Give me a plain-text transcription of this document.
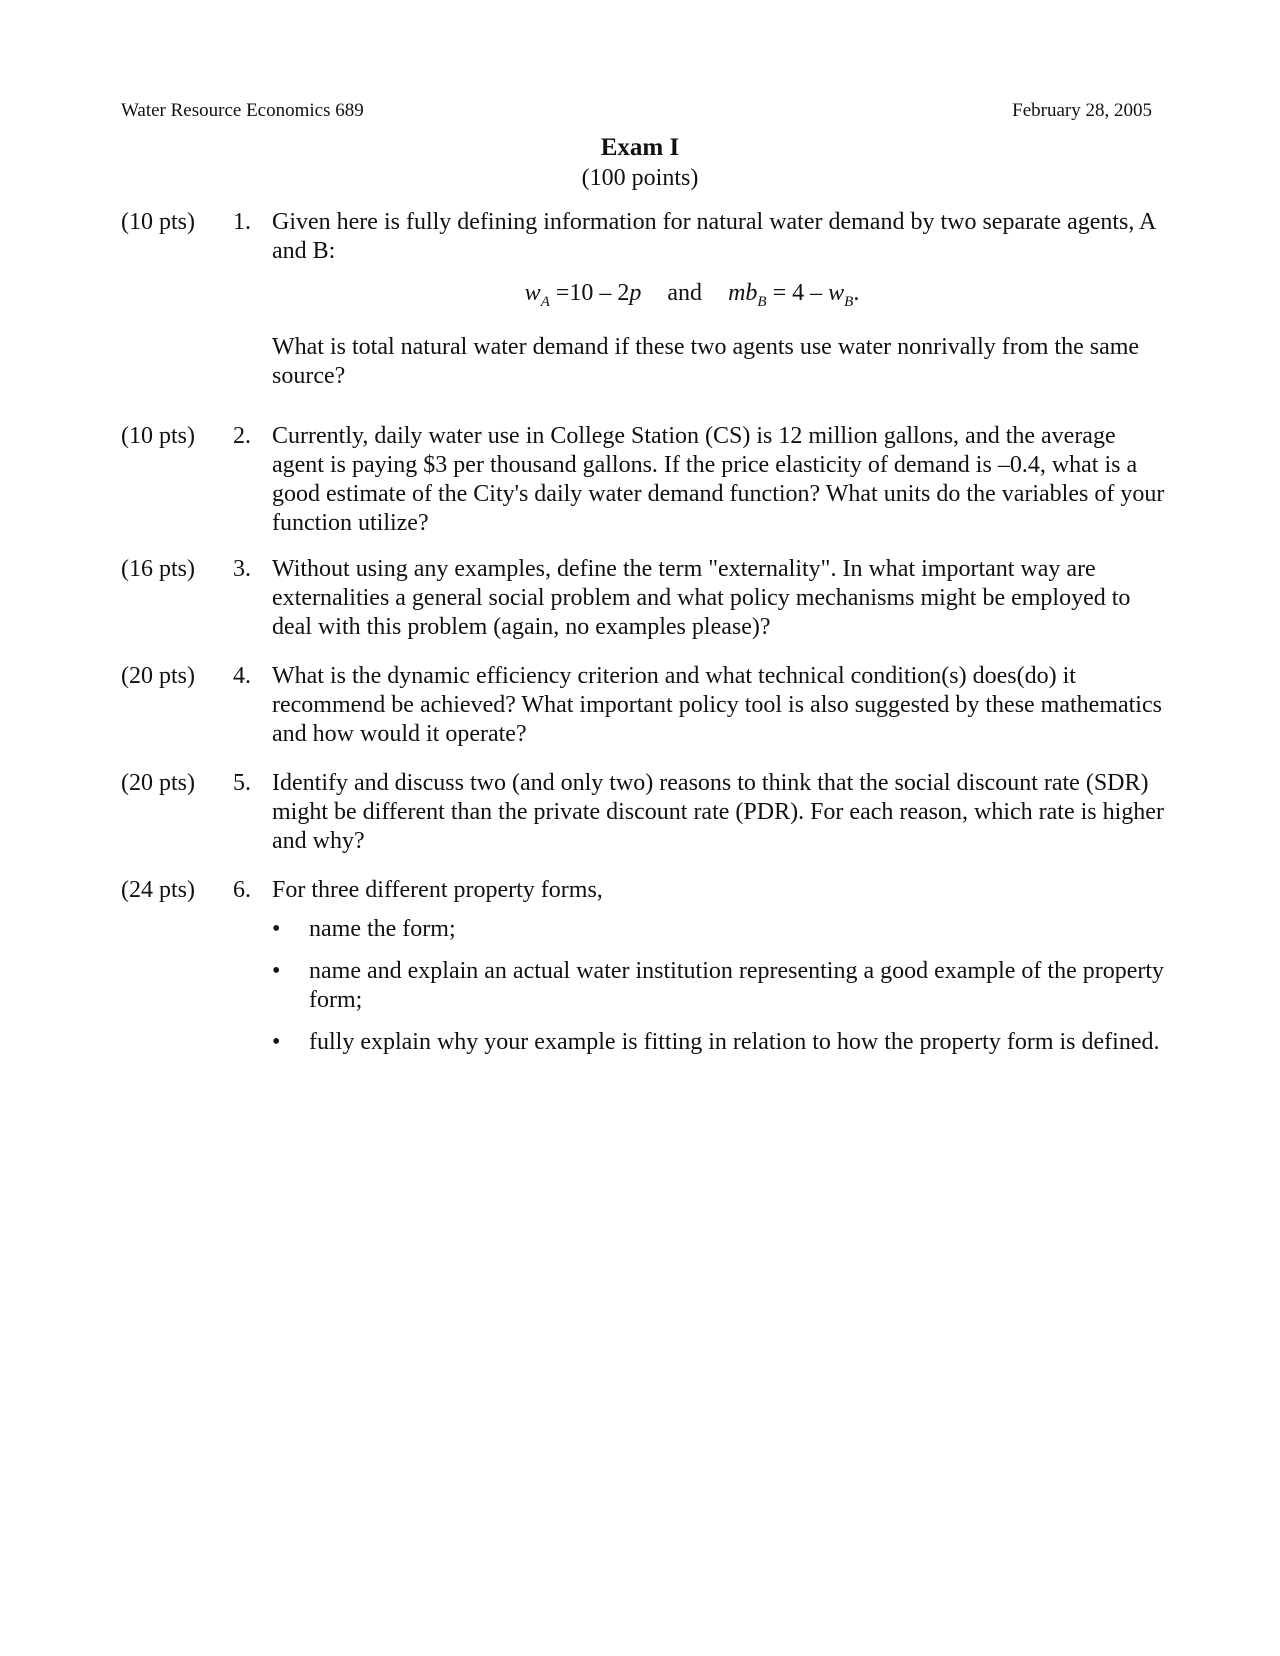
Water Resource Economics 689	February 28, 2005
Exam I
(100 points)
(10 pts) 1. Given here is fully defining information for natural water demand by two separate agents, A and B:

$w_A =10 - 2p$ and $mb_B = 4 - w_B$.

What is total natural water demand if these two agents use water nonrivally from the same source?

(10 pts) 2. Currently, daily water use in College Station (CS) is 12 million gallons, and the average agent is paying $3 per thousand gallons. If the price elasticity of demand is –0.4, what is a good estimate of the City's daily water demand function? What units do the variables of your function utilize?

(16 pts) 3. Without using any examples, define the term "externality". In what important way are externalities a general social problem and what policy mechanisms might be employed to deal with this problem (again, no examples please)?

(20 pts) 4. What is the dynamic efficiency criterion and what technical condition(s) does(do) it recommend be achieved? What important policy tool is also suggested by these mathematics and how would it operate?

(20 pts) 5. Identify and discuss two (and only two) reasons to think that the social discount rate (SDR) might be different than the private discount rate (PDR). For each reason, which rate is higher and why?

(24 pts) 6. For three different property forms,

• name the form;
• name and explain an actual water institution representing a good example of the property form;
• fully explain why your example is fitting in relation to how the property form is defined.
